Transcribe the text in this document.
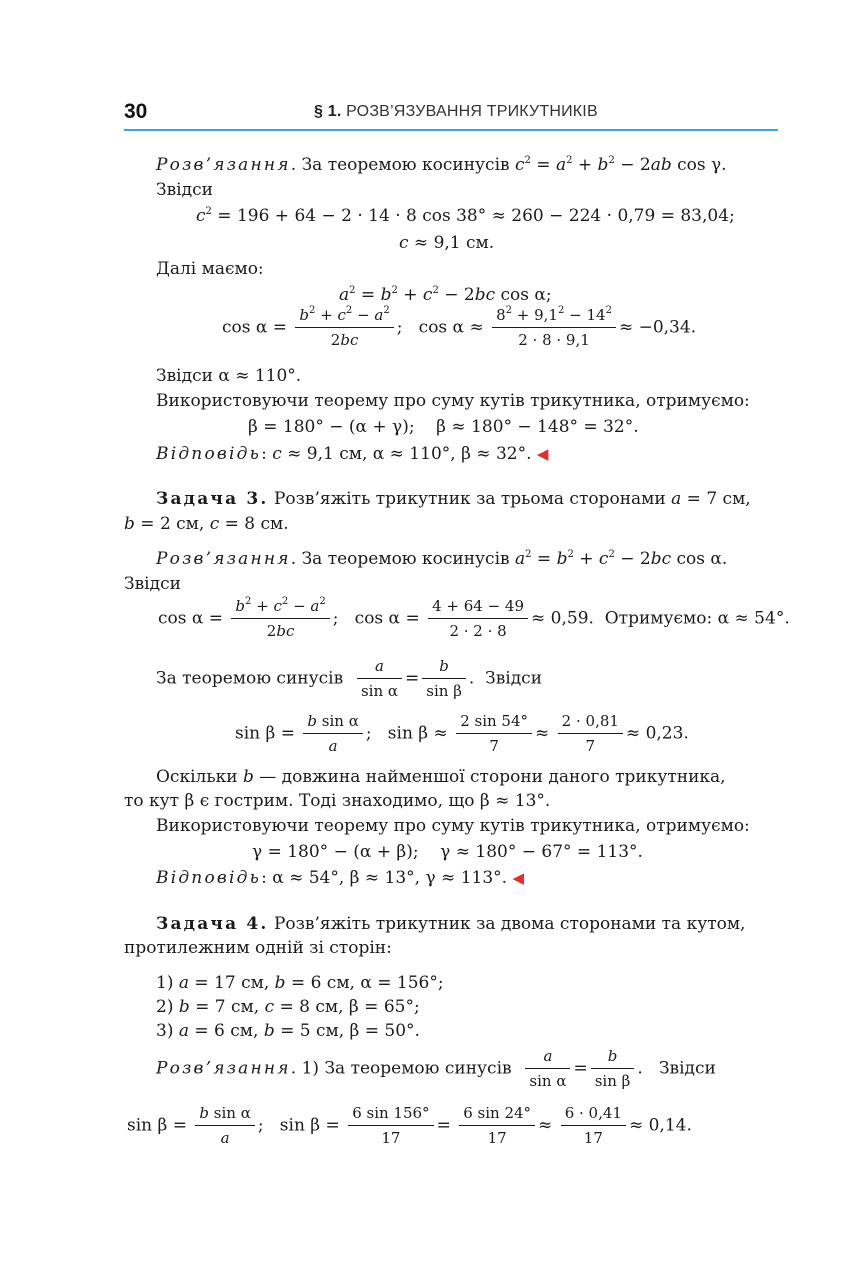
30	§ 1. РОЗВ’ЯЗУВАННЯ ТРИКУТНИКІВ
Розв’язання. За теоремою косинусів $c^2 = a^2 + b^2 - 2ab$ cos γ.
Звідси
$c^2 = 196 + 64 - 2 \cdot 14 \cdot 8$ cos 38° ≈ 260 − 224 · 0,79 = 83,04;
c ≈ 9,1 см.
Далі маємо:
$a^2 = b^2 + c^2 - 2bc$ cos α;
$\cos \alpha = \frac{b^2 + c^2 - a^2}{2bc}$ ;   $\cos \alpha \approx \frac{8^2 + 9,1^2 - 14^2}{2 \cdot 8 \cdot 9,1} \approx -0,34$.
Звідси α ≈ 110°.
Використовуючи теорему про суму кутів трикутника, отримуємо:
β = 180° − (α + γ);    β ≈ 180° − 148° = 32°.
Відповідь: c ≈ 9,1 см, α ≈ 110°, β ≈ 32°. ◀
Задача 3. Розв’яжіть трикутник за трьома сторонами a = 7 см,
b = 2 см, c = 8 см.
Розв’язання. За теоремою косинусів $a^2 = b^2 + c^2 - 2bc$ cos α.
Звідси
$\cos \alpha = \frac{b^2 + c^2 - a^2}{2bc}$ ;   $\cos \alpha = \frac{4 + 64 - 49}{2 \cdot 2 \cdot 8} \approx 0,59$.  Отримуємо: α ≈ 54°.
За теоремою синусів $\frac{a}{\text{sin α}} = \frac{b}{\text{sin β}}$ .  Звідси
$\sin \beta = \frac{\text{b sin α}}{a}$ ;   $\sin \beta \approx \frac{2 \sin 54^\circ}{7} \approx \frac{2 \cdot 0,81}{7} \approx 0,23$.
Оскільки b — довжина найменшої сторони даного трикутника,
то кут β є гострим. Тоді знаходимо, що β ≈ 13°.
Використовуючи теорему про суму кутів трикутника, отримуємо:
γ = 180° − (α + β);    γ ≈ 180° − 67° = 113°.
Відповідь: α ≈ 54°, β ≈ 13°, γ ≈ 113°. ◀
Задача 4. Розв’яжіть трикутник за двома сторонами та кутом,
протилежним одній зі сторін:
1) a = 17 см, b = 6 см, α = 156°;
2) b = 7 см, c = 8 см, β = 65°;
3) a = 6 см, b = 5 см, β = 50°.
Розв’язання. 1) За теоремою синусів $\frac{a}{\text{sin α}} = \frac{b}{\text{sin β}}$ .   Звідси
$\sin \beta = \frac{\text{b sin α}}{a}$ ;   $\sin \beta = \frac{6 \sin 156^\circ}{17} = \frac{6 \sin 24^\circ}{17} \approx \frac{6 \cdot 0,41}{17} \approx 0,14$.
